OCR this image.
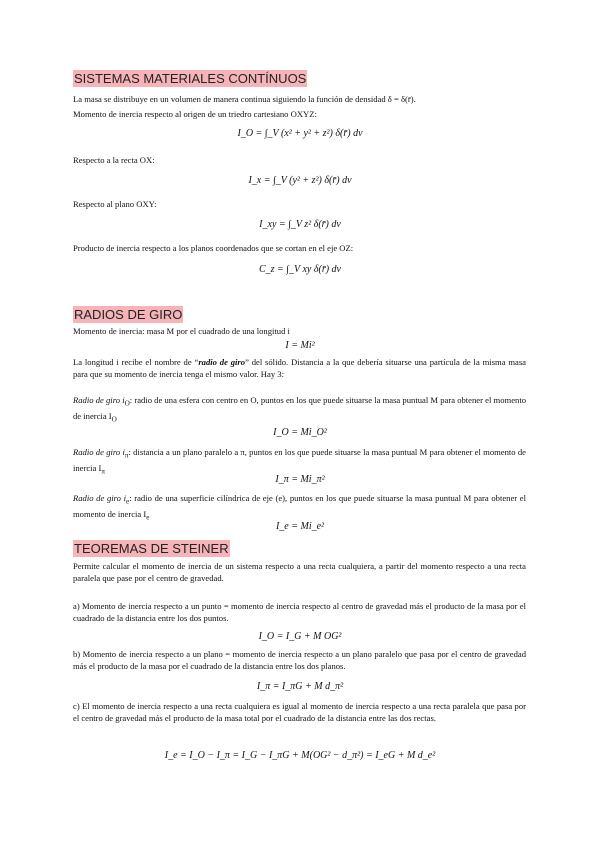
SISTEMAS MATERIALES CONTÍNUOS
La masa se distribuye en un volumen de manera continua siguiendo la función de densidad δ = δ(r̄).
Momento de inercia respecto al origen de un triedro cartesiano OXYZ:
I_O = ∫_V (x² + y² + z²) δ(r̄) dv
Respecto a la recta OX:
I_x = ∫_V (y² + z²) δ(r̄) dv
Respecto al plano OXY:
I_xy = ∫_V z² δ(r̄) dv
Producto de inercia respecto a los planos coordenados que se cortan en el eje OZ:
C_z = ∫_V xy δ(r̄) dv
RADIOS DE GIRO
Momento de inercia: masa M por el cuadrado de una longitud i
I = Mi²
La longitud i recibe el nombre de “radio de giro” del sólido. Distancia a la que debería situarse una partícula de la misma masa para que su momento de inercia tenga el mismo valor. Hay 3:
Radio de giro $i_O$: radio de una esfera con centro en O, puntos en los que puede situarse la masa puntual M para obtener el momento de inercia $I_O$
I_O = Mi_O²
Radio de giro $i_\pi$: distancia a un plano paralelo a π, puntos en los que puede situarse la masa puntual M para obtener el momento de inercia $I_\pi$
I_π = Mi_π²
Radio de giro $i_e$: radio de una superficie cilíndrica de eje (e), puntos en los que puede situarse la masa puntual M para obtener el momento de inercia $I_e$
I_e = Mi_e²
TEOREMAS DE STEINER
Permite calcular el momento de inercia de un sistema respecto a una recta cualquiera, a partir del momento respecto a una recta paralela que pase por el centro de gravedad.
a) Momento de inercia respecto a un punto = momento de inercia respecto al centro de gravedad más el producto de la masa por el cuadrado de la distancia entre los dos puntos.
I_O = I_G + M OG²
b) Momento de inercia respecto a un plano = momento de inercia respecto a un plano paralelo que pasa por el centro de gravedad más el producto de la masa por el cuadrado de la distancia entre los dos planos.
I_π = I_πG + M d_π²
c) El momento de inercia respecto a una recta cualquiera es igual al momento de inercia respecto a una recta paralela que pasa por el centro de gravedad más el producto de la masa total por el cuadrado de la distancia entre las dos rectas.
I_e = I_O − I_π = I_G − I_πG + M(OG² − d_π²) = I_eG + M d_e²
